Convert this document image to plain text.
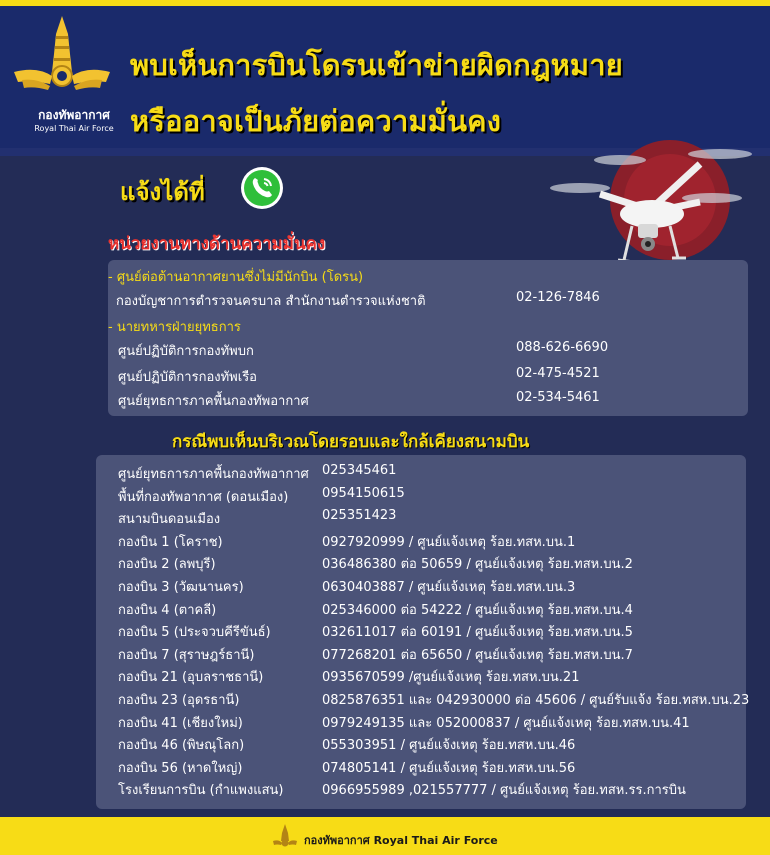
กองทัพอากาศ
Royal Thai Air Force
พบเห็นการบินโดรนเข้าข่ายผิดกฎหมาย
หรืออาจเป็นภัยต่อความมั่นคง
แจ้งได้ที่
หน่วยงานทางด้านความมั่นคง
- ศูนย์ต่อต้านอากาศยานซึ่งไม่มีนักบิน (โดรน)
กองบัญชาการตำรวจนครบาล สำนักงานตำรวจแห่งชาติ	02-126-7846
- นายทหารฝ่ายยุทธการ
ศูนย์ปฏิบัติการกองทัพบก	088-626-6690
ศูนย์ปฏิบัติการกองทัพเรือ	02-475-4521
ศูนย์ยุทธการภาคพื้นกองทัพอากาศ	02-534-5461
กรณีพบเห็นบริเวณโดยรอบและใกล้เคียงสนามบิน
ศูนย์ยุทธการภาคพื้นกองทัพอากาศ 025345461
พื้นที่กองทัพอากาศ (ดอนเมือง)	0954150615
สนามบินดอนเมือง	025351423
กองบิน 1 (โคราช)	0927920999 / ศูนย์แจ้งเหตุ ร้อย.ทสห.บน.1
กองบิน 2 (ลพบุรี)	036486380 ต่อ 50659 / ศูนย์แจ้งเหตุ ร้อย.ทสห.บน.2
กองบิน 3 (วัฒนานคร)	0630403887 / ศูนย์แจ้งเหตุ ร้อย.ทสห.บน.3
กองบิน 4 (ตาคลี)	025346000 ต่อ 54222 / ศูนย์แจ้งเหตุ ร้อย.ทสห.บน.4
กองบิน 5 (ประจวบคีรีขันธ์)	032611017 ต่อ 60191 / ศูนย์แจ้งเหตุ ร้อย.ทสห.บน.5
กองบิน 7 (สุราษฎร์ธานี)	077268201 ต่อ 65650 / ศูนย์แจ้งเหตุ ร้อย.ทสห.บน.7
กองบิน 21 (อุบลราชธานี)	0935670599 /ศูนย์แจ้งเหตุ ร้อย.ทสห.บน.21
กองบิน 23 (อุดรธานี)	0825876351 และ 042930000 ต่อ 45606 / ศูนย์รับแจ้ง ร้อย.ทสห.บน.23
กองบิน 41 (เชียงใหม่)	0979249135 และ 052000837 / ศูนย์แจ้งเหตุ ร้อย.ทสห.บน.41
กองบิน 46 (พิษณุโลก)	055303951 / ศูนย์แจ้งเหตุ ร้อย.ทสห.บน.46
กองบิน 56 (หาดใหญ่)	074805141 / ศูนย์แจ้งเหตุ ร้อย.ทสห.บน.56
โรงเรียนการบิน (กำแพงแสน)	0966955989 ,021557777 / ศูนย์แจ้งเหตุ ร้อย.ทสห.รร.การบิน
กองทัพอากาศ Royal Thai Air Force
